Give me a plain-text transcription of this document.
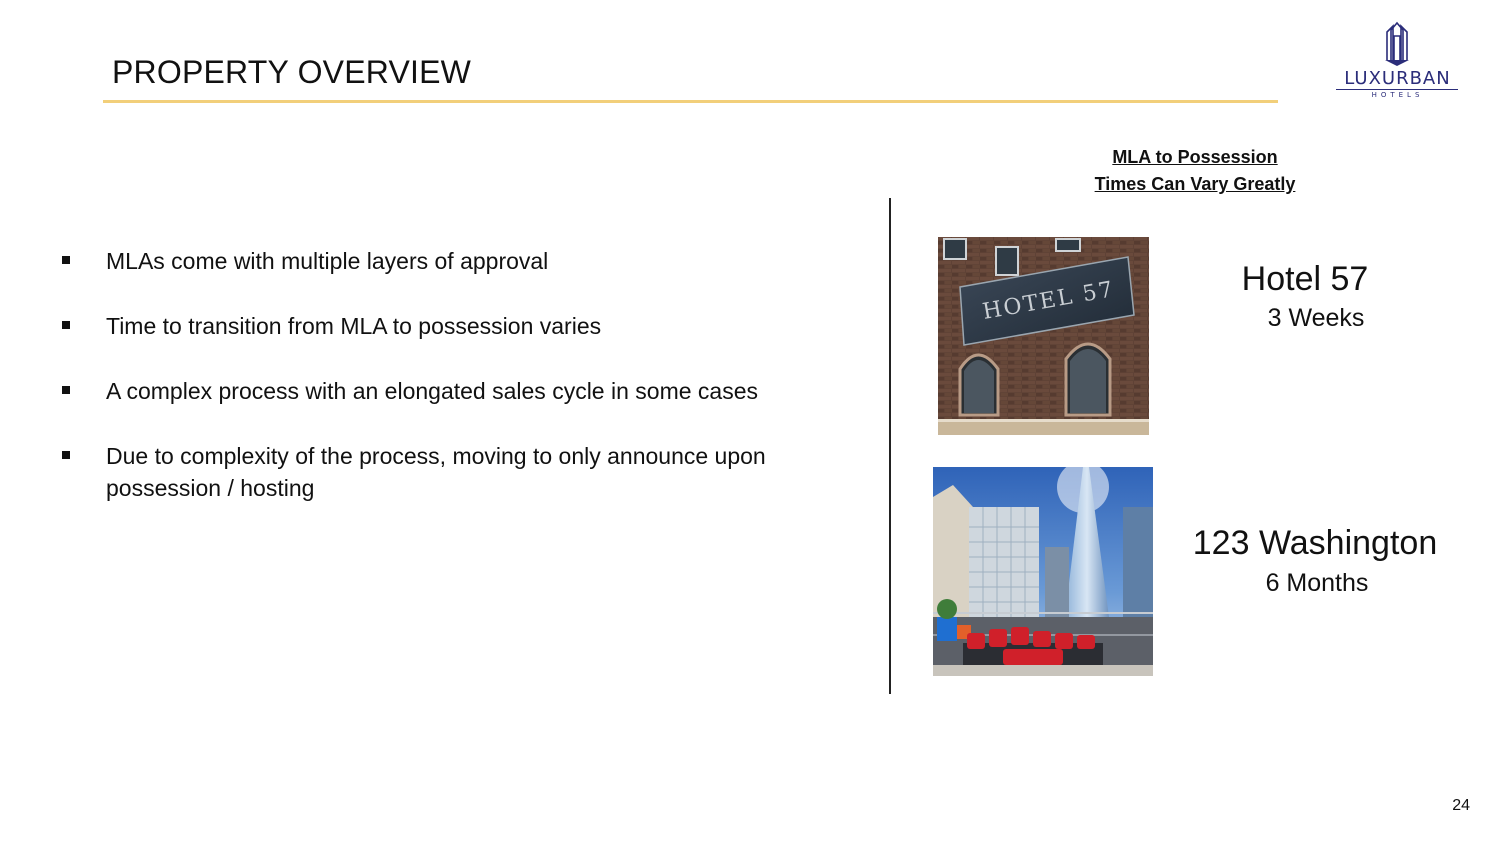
PROPERTY OVERVIEW	LUXURBAN
HOTELS
MLAs come with multiple layers of approval
Time to transition from MLA to possession varies
A complex process with an elongated sales cycle in some cases
Due to complexity of the process, moving to only announce upon possession / hosting
MLA to Possession
Times Can Vary Greatly
HOTEL 57	Hotel 57
3 Weeks
123 Washington
6 Months
24
